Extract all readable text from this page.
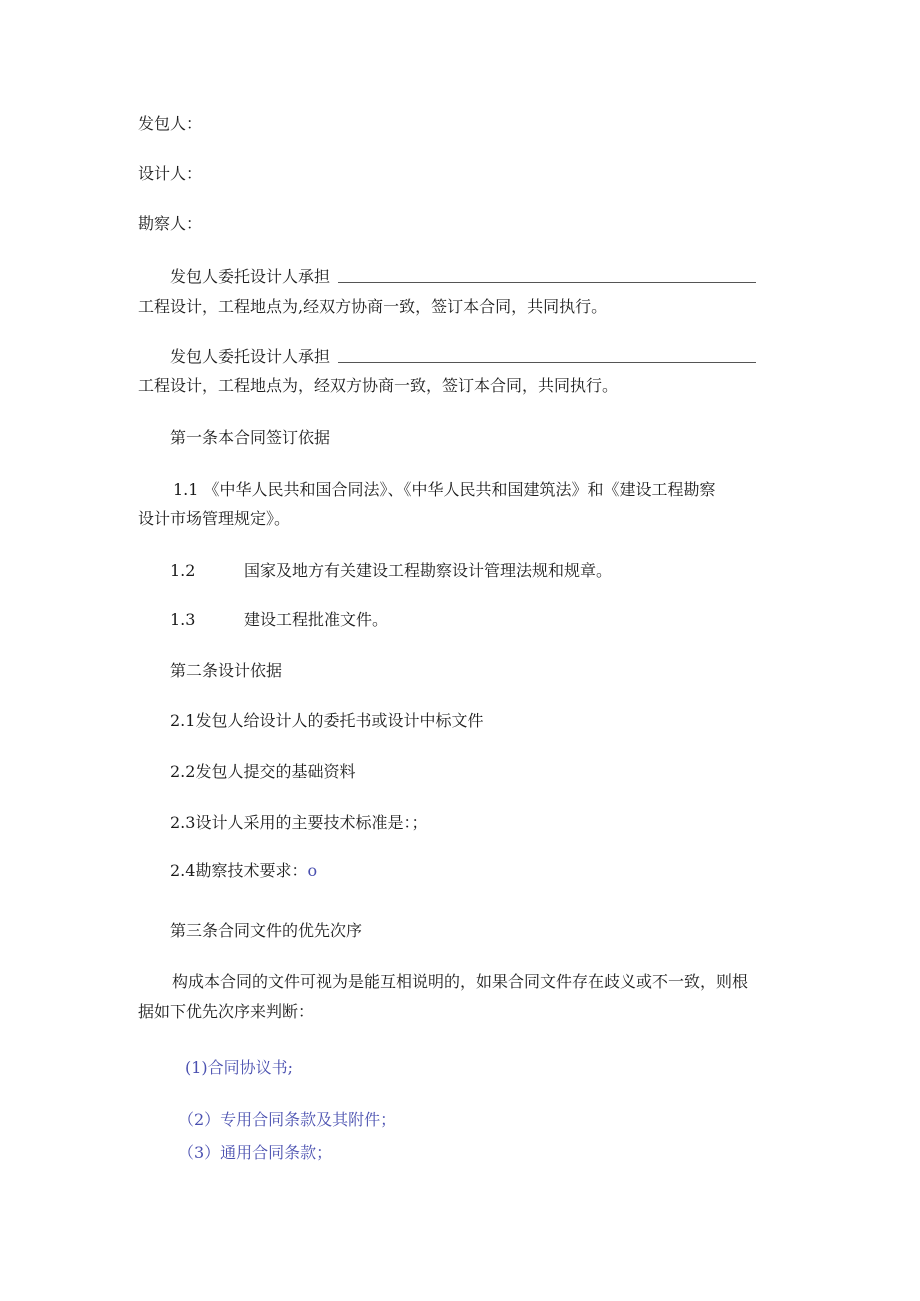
发包人：
设计人：
勘察人：
发包人委托设计人承担
工程设计，工程地点为,经双方协商一致，签订本合同，共同执行。
发包人委托设计人承担
工程设计，工程地点为，经双方协商一致，签订本合同，共同执行。
第一条本合同签订依据
1.1 《中华人民共和国合同法》、《中华人民共和国建筑法》和《建设工程勘察
设计市场管理规定》。
1.2	国家及地方有关建设工程勘察设计管理法规和规章。
1.3	建设工程批准文件。
第二条设计依据
2.1发包人给设计人的委托书或设计中标文件
2.2发包人提交的基础资料
2.3设计人采用的主要技术标准是：；
2.4勘察技术要求：o
第三条合同文件的优先次序
构成本合同的文件可视为是能互相说明的，如果合同文件存在歧义或不一致，则根
据如下优先次序来判断：
(1)合同协议书;
（2）专用合同条款及其附件；
（3）通用合同条款；
